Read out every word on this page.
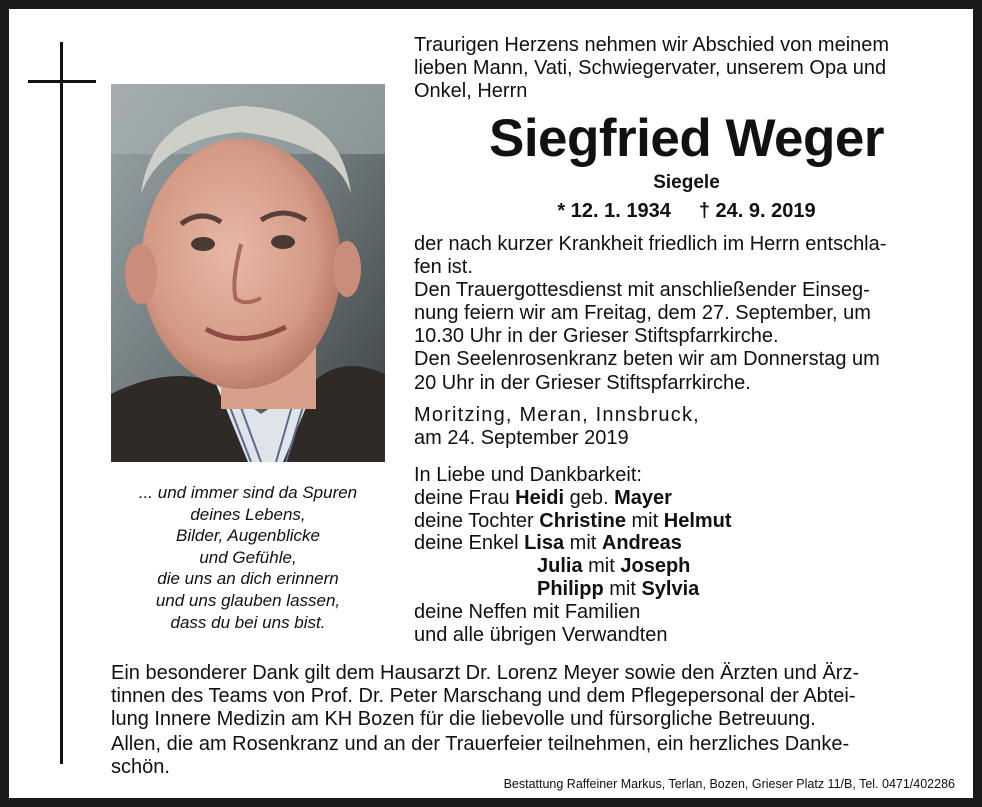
... und immer sind da Spuren
deines Lebens,
Bilder, Augenblicke
und Gefühle,
die uns an dich erinnern
und uns glauben lassen,
dass du bei uns bist.
Traurigen Herzens nehmen wir Abschied von meinem
lieben Mann, Vati, Schwiegervater, unserem Opa und
Onkel, Herrn
Siegfried Weger
Siegele
* 12. 1. 1934 † 24. 9. 2019
der nach kurzer Krankheit friedlich im Herrn entschla-
fen ist.
Den Trauergottesdienst mit anschließender Einseg-
nung feiern wir am Freitag, dem 27. September, um
10.30 Uhr in der Grieser Stiftspfarrkirche.
Den Seelenrosenkranz beten wir am Donnerstag um
20 Uhr in der Grieser Stiftspfarrkirche.
Moritzing, Meran, Innsbruck,
am 24. September 2019
In Liebe und Dankbarkeit:
deine Frau Heidi geb. Mayer
deine Tochter Christine mit Helmut
deine Enkel Lisa mit Andreas
Julia mit Joseph
Philipp mit Sylvia
deine Neffen mit Familien
und alle übrigen Verwandten
Ein besonderer Dank gilt dem Hausarzt Dr. Lorenz Meyer sowie den Ärzten und Ärz-
tinnen des Teams von Prof. Dr. Peter Marschang und dem Pflegepersonal der Abtei-
lung Innere Medizin am KH Bozen für die liebevolle und fürsorgliche Betreuung.
Allen, die am Rosenkranz und an der Trauerfeier teilnehmen, ein herzliches Danke-
schön.
Bestattung Raffeiner Markus, Terlan, Bozen, Grieser Platz 11/B, Tel. 0471/402286
